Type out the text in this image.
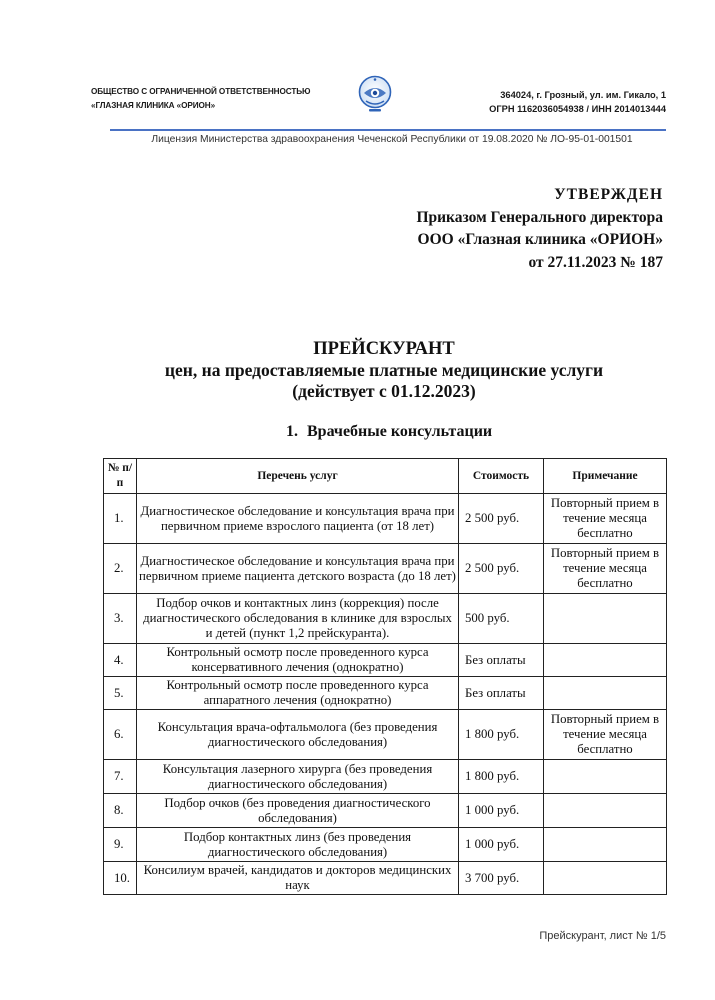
ОБЩЕСТВО С ОГРАНИЧЕННОЙ ОТВЕТСТВЕННОСТЬЮ
«ГЛАЗНАЯ КЛИНИКА «ОРИОН»
364024, г. Грозный, ул. им. Гикало, 1
ОГРН 1162036054938 / ИНН 2014013444
Лицензия Министерства здравоохранения Чеченской Республики от 19.08.2020 № ЛО-95-01-001501
УТВЕРЖДЕН
Приказом Генерального директора
ООО «Глазная клиника «ОРИОН»
от 27.11.2023 № 187
ПРЕЙСКУРАНТ
цен, на предоставляемые платные медицинские услуги
(действует с 01.12.2023)
1. Врачебные консультации
№ п/п	Перечень услуг	Стоимость	Примечание
1.	Диагностическое обследование и консультация врача при первичном приеме взрослого пациента (от 18 лет)	2 500 руб.	Повторный прием в течение месяца бесплатно
2.	Диагностическое обследование и консультация врача при первичном приеме пациента детского возраста (до 18 лет)	2 500 руб.	Повторный прием в течение месяца бесплатно
3.	Подбор очков и контактных линз (коррекция) после диагностического обследования в клинике для взрослых и детей (пункт 1,2 прейскуранта).	500 руб.	
4.	Контрольный осмотр после проведенного курса консервативного лечения (однократно)	Без оплаты	
5.	Контрольный осмотр после проведенного курса аппаратного лечения (однократно)	Без оплаты	
6.	Консультация врача-офтальмолога (без проведения диагностического обследования)	1 800 руб.	Повторный прием в течение месяца бесплатно
7.	Консультация лазерного хирурга (без проведения диагностического обследования)	1 800 руб.	
8.	Подбор очков (без проведения диагностического обследования)	1 000 руб.	
9.	Подбор контактных линз (без проведения диагностического обследования)	1 000 руб.	
10.	Консилиум врачей, кандидатов и докторов медицинских наук	3 700 руб.	
Прейскурант, лист № 1/5
